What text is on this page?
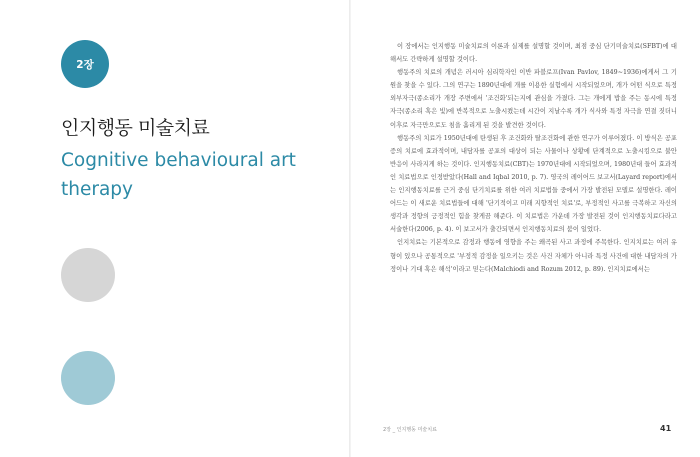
2장
인지행동 미술치료
Cognitive behavioural art therapy

이 장에서는 인지행동 미술치료의 이론과 실제를 설명할 것이며, 최점 중심 단기미술치료(SFBT)에 대해서도 간략하게 설명할 것이다.

행동주의 치료의 개념은 러시아 심리학자인 이반 파블로프(Ivan Pavlov, 1849~1936)에게서 그 기원을 찾을 수 있다. 그의 연구는 1890년대에 개를 이용한 실험에서 시작되었으며, 개가 어떤 식으로 특정 외부자극(종소리가 개장 주변에서 '조건화'되는지에 관심을 가졌다. 그는 개에게 밥을 주는 동시에 특정 자극(종소리 혹은 빛)에 반복적으로 노출시켰는데 시간이 지날수록 개가 식사와 특정 자극을 연결 짓더니 이후로 자극만으로도 침을 흘리게 된 것을 발견한 것이다.

행동주의 치료가 1950년대에 탄생된 후 조건화와 탈조건화에 관한 연구가 이루어졌다. 이 방식은 공포증의 치료에 효과적이며, 내담자를 공포의 대상이 되는 사물이나 상황에 단계적으로 노출시킴으로 불안 반응이 사라지게 하는 것이다. 인지행동치료(CBT)는 1970년대에 시작되었으며, 1980년대 들어 효과적인 치료법으로 인정받았다(Hall and Iqbal 2010, p. 7). 영국의 레이어드 보고서(Layard report)에서는 인지행동치료를 근거 중심 단기치료를 위한 여러 치료법들 중에서 가장 발전된 모델로 설명한다. 레이어드는 이 새로운 치료법들에 대해 '단기적이고 미래 지향적인 치료'로, 부정적인 사고를 극복하고 자신의 생각과 정향의 긍정적인 힘을 찾게끔 해준다. 이 치료법은 가운데 가장 발전된 것이 인지행동치료다라고 서술한다(2006, p. 4). 이 보고서가 출간되면서 인지행동치료의 붐이 일었다.

인지치료는 기본적으로 감정과 행동에 영향을 주는 왜곡된 사고 과정에 주목한다. 인지치료는 여러 유형이 있으나 공통적으로 '부정적 감정을 일으키는 것은 사건 자체가 아니라 특정 사건에 대한 내담자의 가정이나 기대 혹은 해석'이라고 믿는다(Malchiodi and Rozum 2012, p. 89). 인지치료에서는

2장 _ 인지행동 미술치료	41
